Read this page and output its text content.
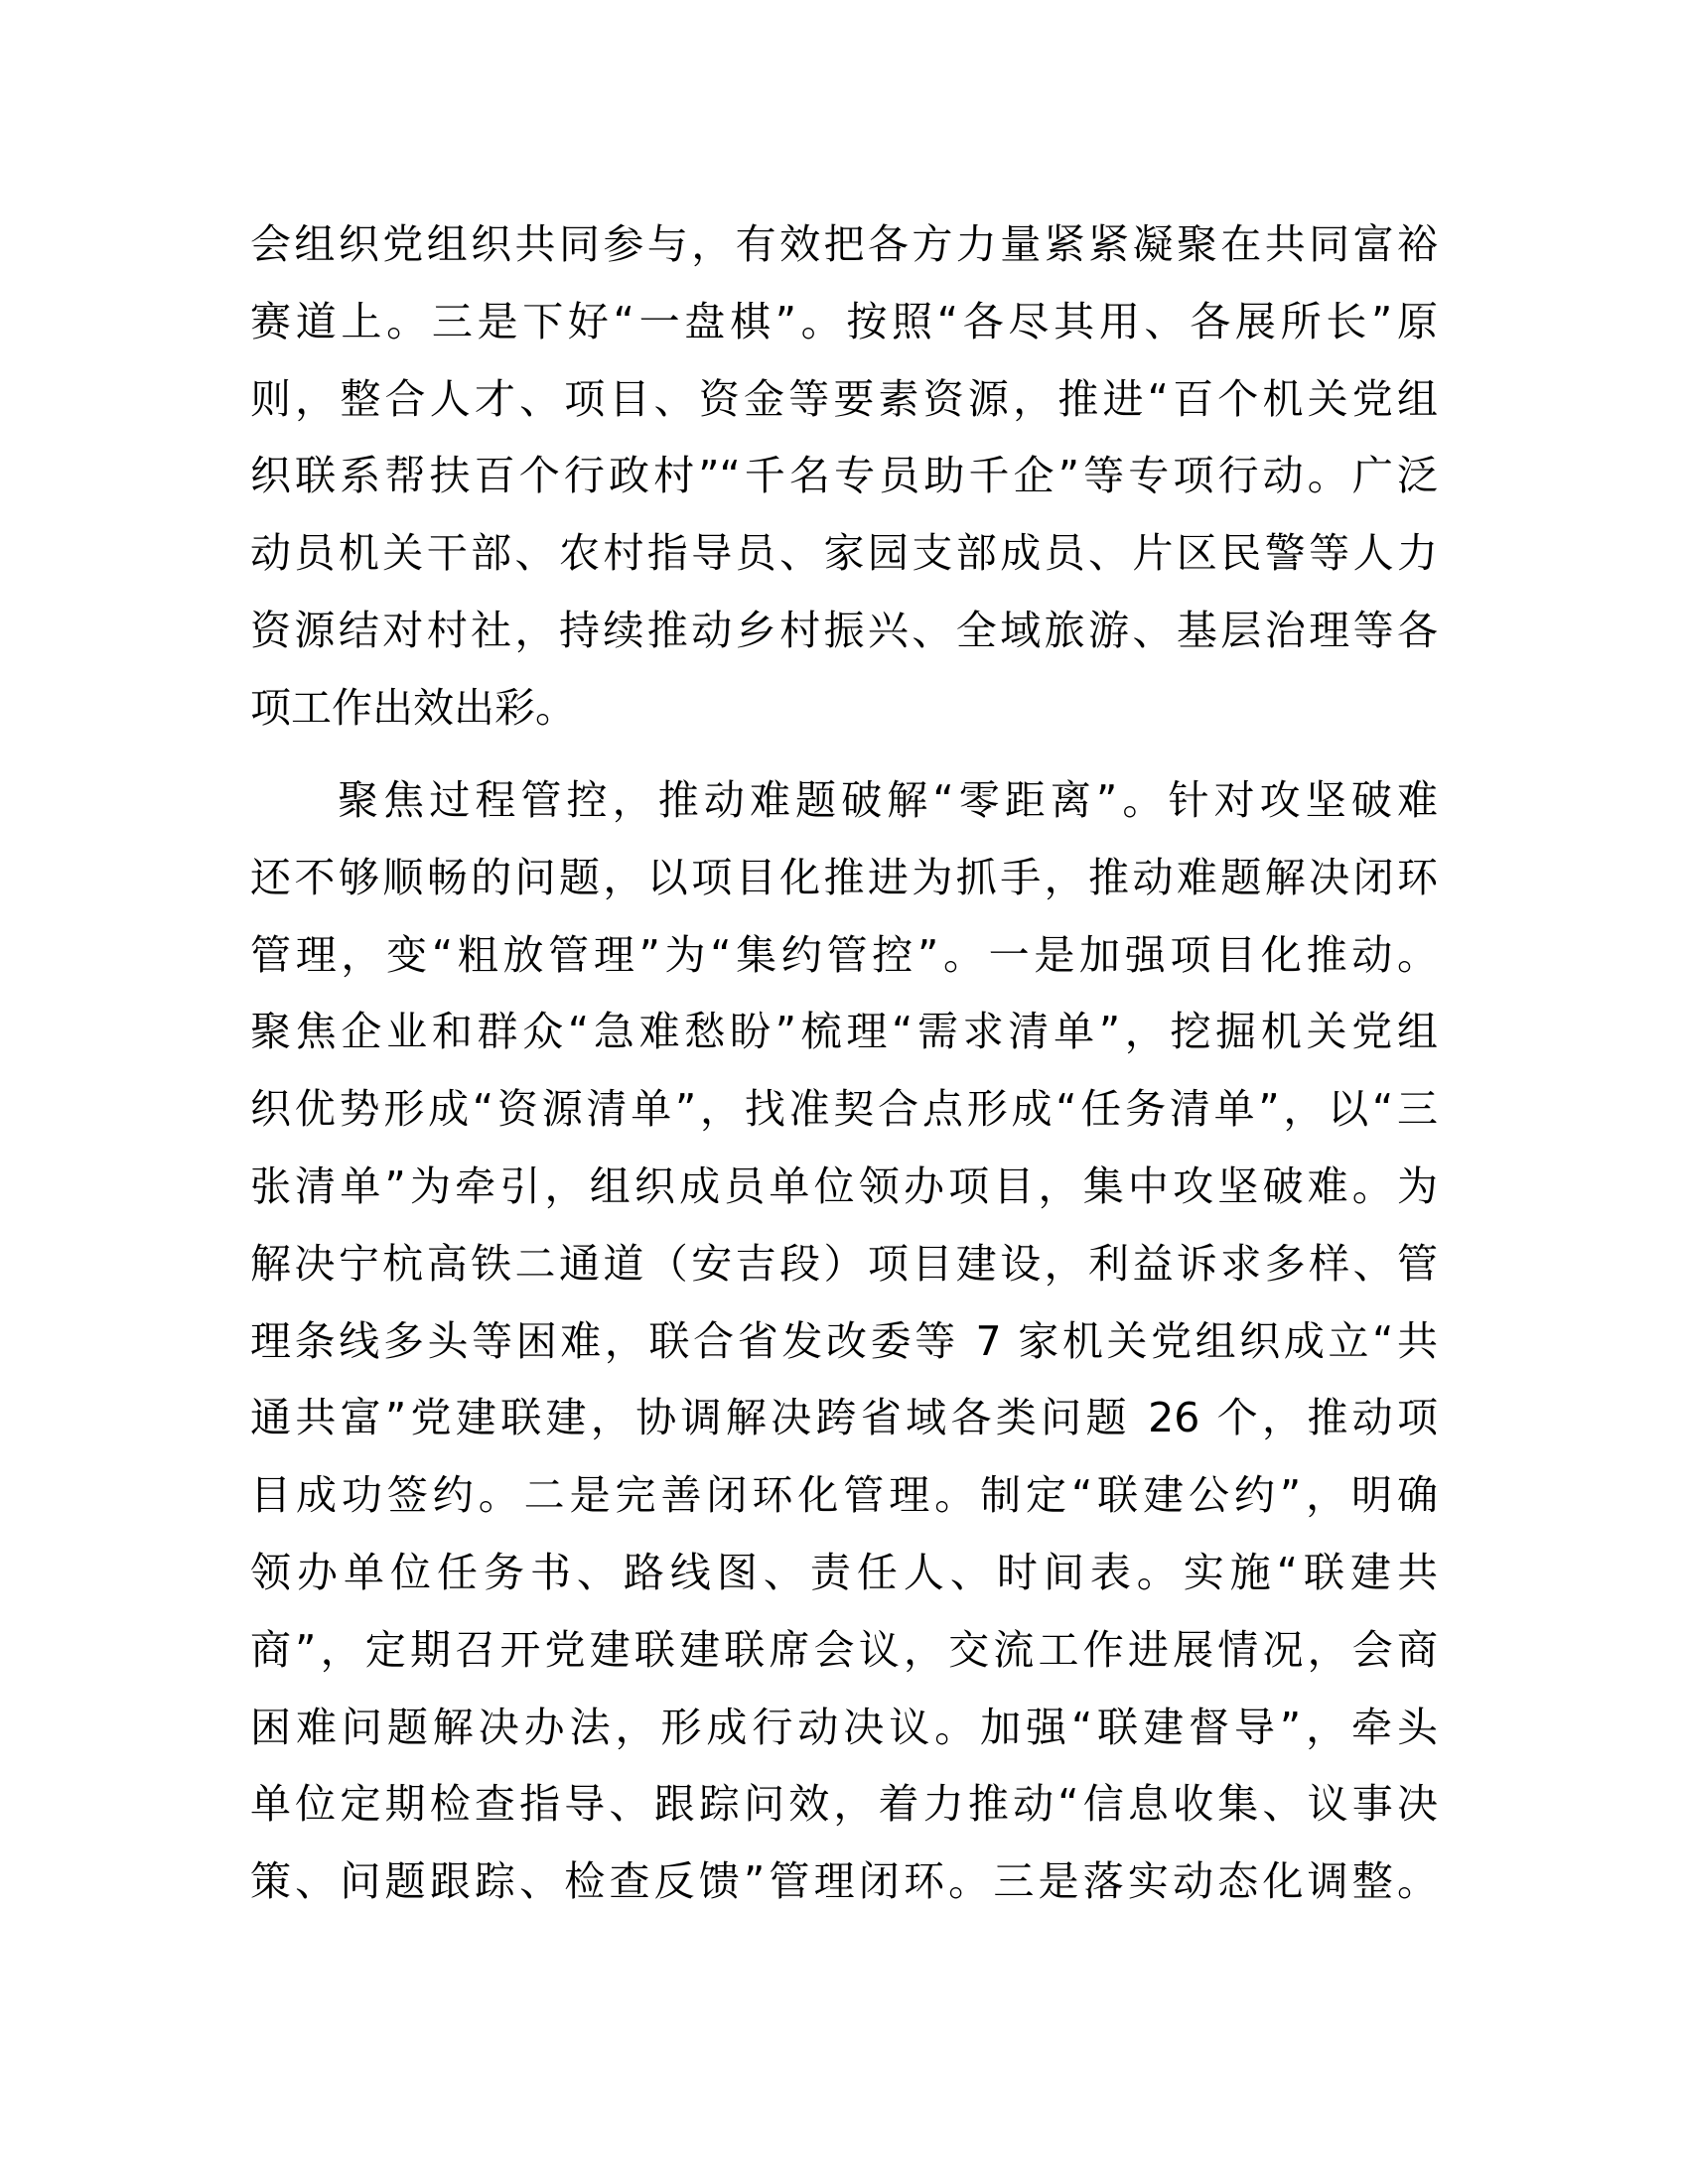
会组织党组织共同参与，有效把各方力量紧紧凝聚在共同富裕
赛道上。三是下好“一盘棋”。按照“各尽其用、各展所长”原
则，整合人才、项目、资金等要素资源，推进“百个机关党组
织联系帮扶百个行政村”“千名专员助千企”等专项行动。广泛
动员机关干部、农村指导员、家园支部成员、片区民警等人力
资源结对村社，持续推动乡村振兴、全域旅游、基层治理等各
项工作出效出彩。
聚焦过程管控，推动难题破解“零距离”。针对攻坚破难
还不够顺畅的问题，以项目化推进为抓手，推动难题解决闭环
管理，变“粗放管理”为“集约管控”。一是加强项目化推动。
聚焦企业和群众“急难愁盼”梳理“需求清单”，挖掘机关党组
织优势形成“资源清单”，找准契合点形成“任务清单”，以“三
张清单”为牵引，组织成员单位领办项目，集中攻坚破难。为
解决宁杭高铁二通道（安吉段）项目建设，利益诉求多样、管
理条线多头等困难，联合省发改委等 7 家机关党组织成立“共
通共富”党建联建，协调解决跨省域各类问题 26 个，推动项
目成功签约。二是完善闭环化管理。制定“联建公约”，明确
领办单位任务书、路线图、责任人、时间表。实施“联建共
商”，定期召开党建联建联席会议，交流工作进展情况，会商
困难问题解决办法，形成行动决议。加强“联建督导”，牵头
单位定期检查指导、跟踪问效，着力推动“信息收集、议事决
策、问题跟踪、检查反馈”管理闭环。三是落实动态化调整。
